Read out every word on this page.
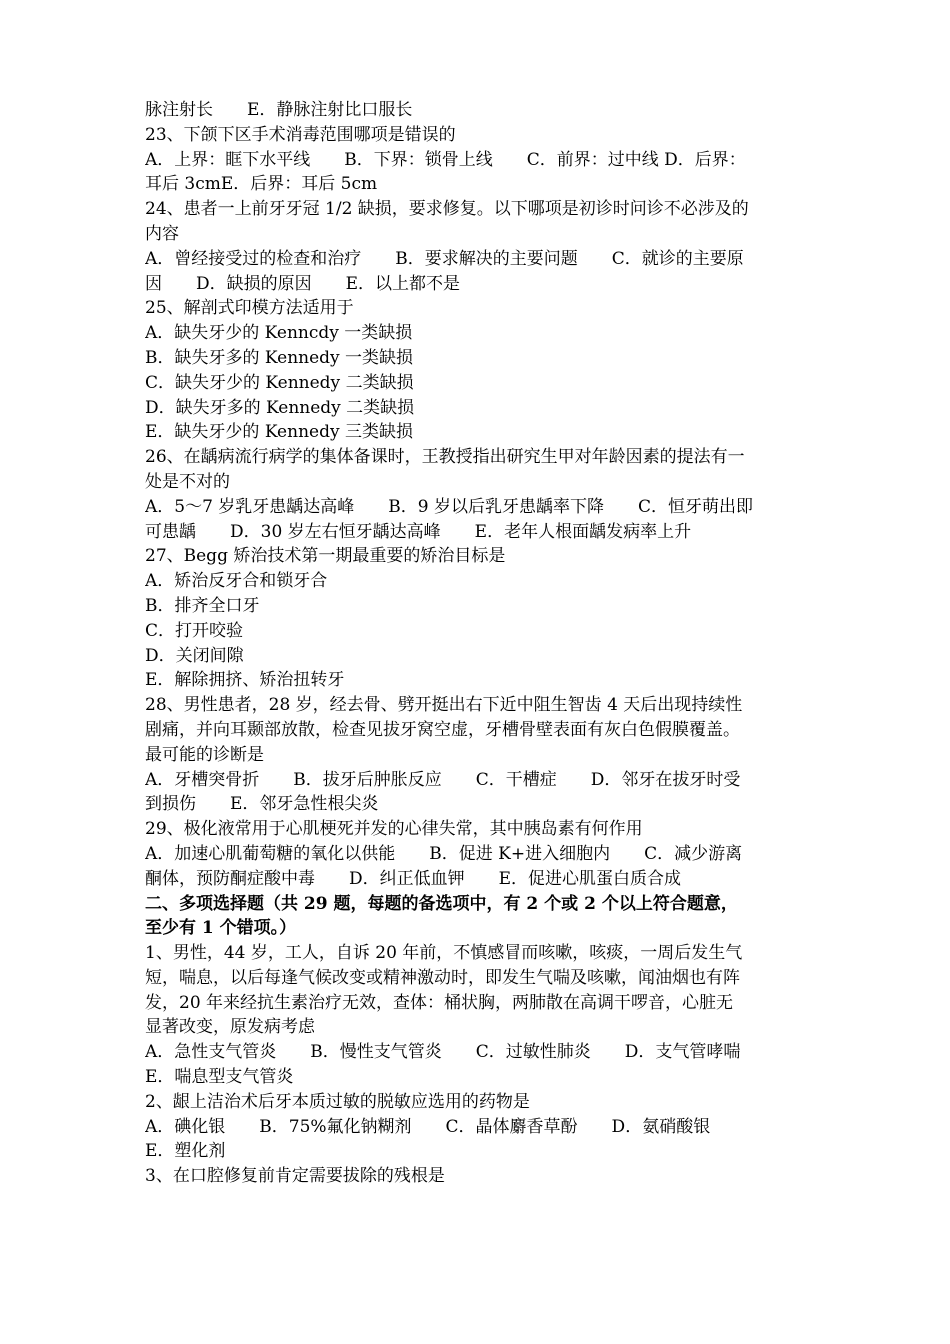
脉注射长　　E．静脉注射比口服长
23、下颌下区手术消毒范围哪项是错误的
A．上界：眶下水平线　　B．下界：锁骨上线　　C．前界：过中线 D．后界：
耳后 3cmE．后界：耳后 5cm
24、患者一上前牙牙冠 1/2 缺损，要求修复。以下哪项是初诊时问诊不必涉及的
内容
A．曾经接受过的检查和治疗　　B．要求解决的主要问题　　C．就诊的主要原
因　　D．缺损的原因　　E．以上都不是
25、解剖式印模方法适用于
A．缺失牙少的 Kenncdy 一类缺损
B．缺失牙多的 Kennedy 一类缺损
C．缺失牙少的 Kennedy 二类缺损
D．缺失牙多的 Kennedy 二类缺损
E．缺失牙少的 Kennedy 三类缺损
26、在龋病流行病学的集体备课时，王教授指出研究生甲对年龄因素的提法有一
处是不对的
A．5～7 岁乳牙患龋达高峰　　B．9 岁以后乳牙患龋率下降　　C．恒牙萌出即
可患龋　　D．30 岁左右恒牙龋达高峰　　E．老年人根面龋发病率上升
27、Begg 矫治技术第一期最重要的矫治目标是
A．矫治反牙合和锁牙合
B．排齐全口牙
C．打开咬验
D．关闭间隙
E．解除拥挤、矫治扭转牙
28、男性患者，28 岁，经去骨、劈开挺出右下近中阻生智齿 4 天后出现持续性
剧痛，并向耳颞部放散，检查见拔牙窝空虚，牙槽骨壁表面有灰白色假膜覆盖。
最可能的诊断是
A．牙槽突骨折　　B．拔牙后肿胀反应　　C．干槽症　　D．邻牙在拔牙时受
到损伤　　E．邻牙急性根尖炎
29、极化液常用于心肌梗死并发的心律失常，其中胰岛素有何作用
A．加速心肌葡萄糖的氧化以供能　　B．促进 K+进入细胞内　　C．减少游离
酮体，预防酮症酸中毒　　D．纠正低血钾　　E．促进心肌蛋白质合成
二、多项选择题（共 29 题，每题的备选项中，有 2 个或 2 个以上符合题意，
至少有 1 个错项。）
1、男性，44 岁，工人，自诉 20 年前，不慎感冒而咳嗽，咳痰，一周后发生气
短，喘息，以后每逢气候改变或精神激动时，即发生气喘及咳嗽，闻油烟也有阵
发，20 年来经抗生素治疗无效，查体：桶状胸，两肺散在高调干啰音，心脏无
显著改变，原发病考虑
A．急性支气管炎　　B．慢性支气管炎　　C．过敏性肺炎　　D．支气管哮喘
E．喘息型支气管炎
2、龈上洁治术后牙本质过敏的脱敏应选用的药物是
A．碘化银　　B．75%氟化钠糊剂　　C．晶体麝香草酚　　D．氨硝酸银
E．塑化剂
3、在口腔修复前肯定需要拔除的残根是
